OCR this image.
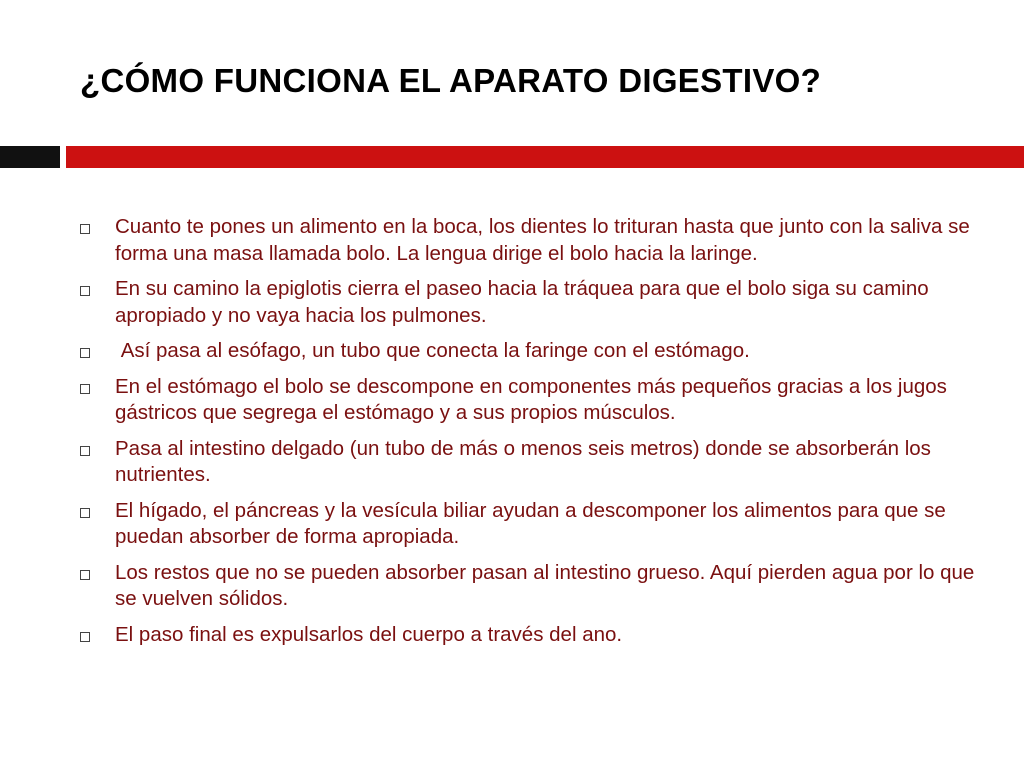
¿CÓMO FUNCIONA EL APARATO DIGESTIVO?
Cuanto te pones un alimento en la boca, los dientes lo trituran hasta que junto con la saliva se forma una masa llamada bolo. La lengua dirige el bolo hacia la laringe.
En su camino la epiglotis cierra el paseo hacia la tráquea para que el bolo siga su camino apropiado y no vaya hacia los pulmones.
Así pasa al esófago, un tubo que conecta la faringe con el estómago.
En el estómago el bolo se descompone en componentes más pequeños gracias a los jugos gástricos que segrega el estómago y a sus propios músculos.
Pasa al intestino delgado (un tubo de más o menos seis metros) donde se absorberán los nutrientes.
El hígado, el páncreas y la vesícula biliar ayudan a descomponer los alimentos para que se puedan absorber de forma apropiada.
Los restos que no se pueden absorber pasan al intestino grueso. Aquí pierden agua por lo que se vuelven sólidos.
El paso final es expulsarlos del cuerpo a través del ano.
